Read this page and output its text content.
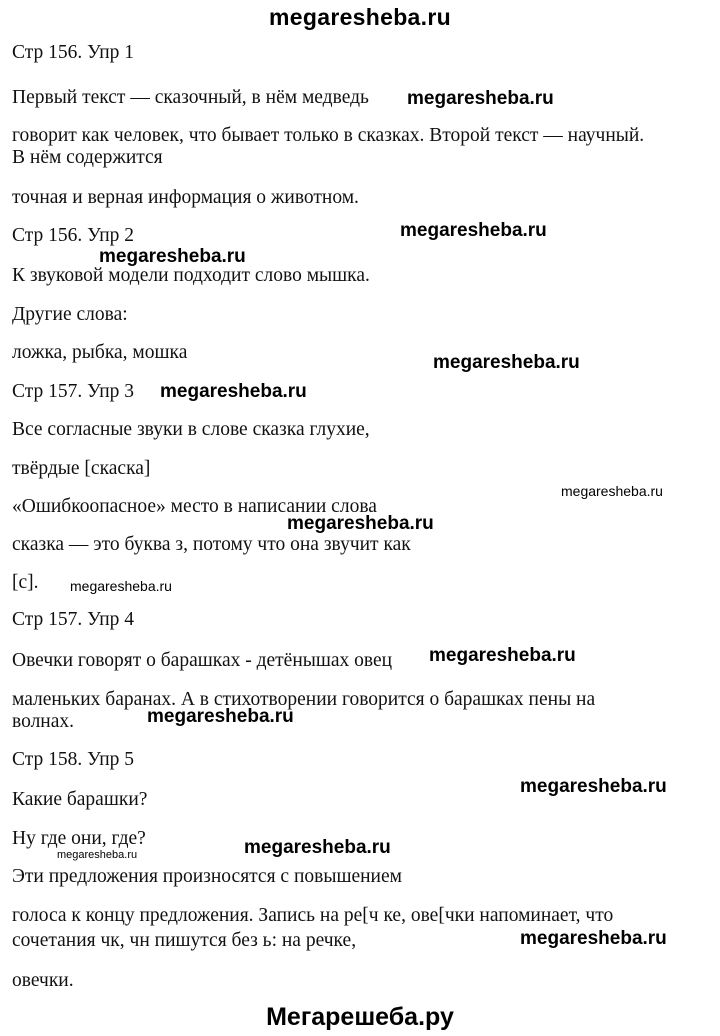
megaresheba.ru
Стр 156. Упр 1
Первый текст — сказочный, в нём медведь
говорит как человек, что бывает только в сказках. Второй текст — научный.
В нём содержится
точная и верная информация о животном.
Стр 156. Упр 2
К звуковой модели подходит слово мышка.
Другие слова:
ложка, рыбка, мошка
Стр 157. Упр 3
Все согласные звуки в слове сказка глухие,
твёрдые [скаска]
«Ошибкоопасное» место в написании слова
сказка — это буква з, потому что она звучит как
[с].
Стр 157. Упр 4
Овечки говорят о барашках - детёнышах овец
маленьких баранах. А в стихотворении говорится о барашках пены на
волнах.
Стр 158. Упр 5
Какие барашки?
Ну где они, где?
Эти предложения произносятся с повышением
голоса к концу предложения. Запись на ре[ч ке, ове[чки напоминает, что
сочетания чк, чн пишутся без ь: на речке,
овечки.
megaresheba.ru
megaresheba.ru
megaresheba.ru
megaresheba.ru
megaresheba.ru
megaresheba.ru
megaresheba.ru
megaresheba.ru
megaresheba.ru
megaresheba.ru
megaresheba.ru
megaresheba.ru
megaresheba.ru
megaresheba.ru
Мегарешеба.ру
